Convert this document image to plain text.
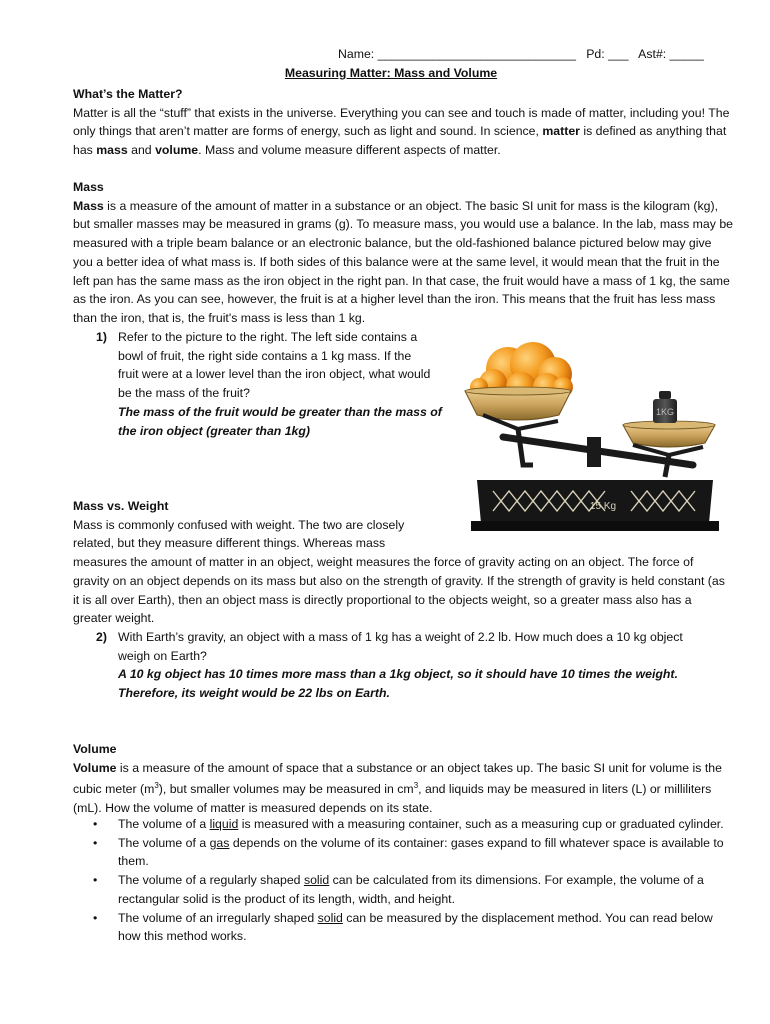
Name: _____________________________   Pd: ___   Ast#: _____
Measuring Matter: Mass and Volume
What’s the Matter?
Matter is all the “stuff” that exists in the universe. Everything you can see and touch is made of matter, including you! The only things that aren’t matter are forms of energy, such as light and sound. In science, matter is defined as anything that has mass and volume. Mass and volume measure different aspects of matter.
Mass
Mass is a measure of the amount of matter in a substance or an object. The basic SI unit for mass is the kilogram (kg), but smaller masses may be measured in grams (g). To measure mass, you would use a balance. In the lab, mass may be measured with a triple beam balance or an electronic balance, but the old-fashioned balance pictured below may give you a better idea of what mass is. If both sides of this balance were at the same level, it would mean that the fruit in the left pan has the same mass as the iron object in the right pan. In that case, the fruit would have a mass of 1 kg, the same as the iron. As you can see, however, the fruit is at a higher level than the iron. This means that the fruit has less mass than the iron, that is, the fruit's mass is less than 1 kg.
1) Refer to the picture to the right. The left side contains a
bowl of fruit, the right side contains a 1 kg mass. If the
fruit were at a lower level than the iron object, what would
be the mass of the fruit?
The mass of the fruit would be greater than the mass of
the iron object (greater than 1kg)
1KG
15 Kg
Mass vs. Weight
Mass is commonly confused with weight. The two are closely
related, but they measure different things. Whereas mass
measures the amount of matter in an object, weight measures the force of gravity acting on an object. The force of gravity on an object depends on its mass but also on the strength of gravity. If the strength of gravity is held constant (as it is all over Earth), then an object mass is directly proportional to the objects weight, so a greater mass also has a greater weight.
2) With Earth’s gravity, an object with a mass of 1 kg has a weight of 2.2 lb. How much does a 10 kg object
weigh on Earth?
A 10 kg object has 10 times more mass than a 1kg object, so it should have 10 times the weight.
Therefore, its weight would be 22 lbs on Earth.
Volume
Volume is a measure of the amount of space that a substance or an object takes up. The basic SI unit for volume is the cubic meter $(m^3)$, but smaller volumes may be measured in $cm^3$, and liquids may be measured in liters (L) or milliliters (mL). How the volume of matter is measured depends on its state.
• The volume of a liquid is measured with a measuring container, such as a measuring cup or graduated cylinder.
• The volume of a gas depends on the volume of its container: gases expand to fill whatever space is available to them.
• The volume of a regularly shaped solid can be calculated from its dimensions. For example, the volume of a rectangular solid is the product of its length, width, and height.
• The volume of an irregularly shaped solid can be measured by the displacement method. You can read below how this method works.
